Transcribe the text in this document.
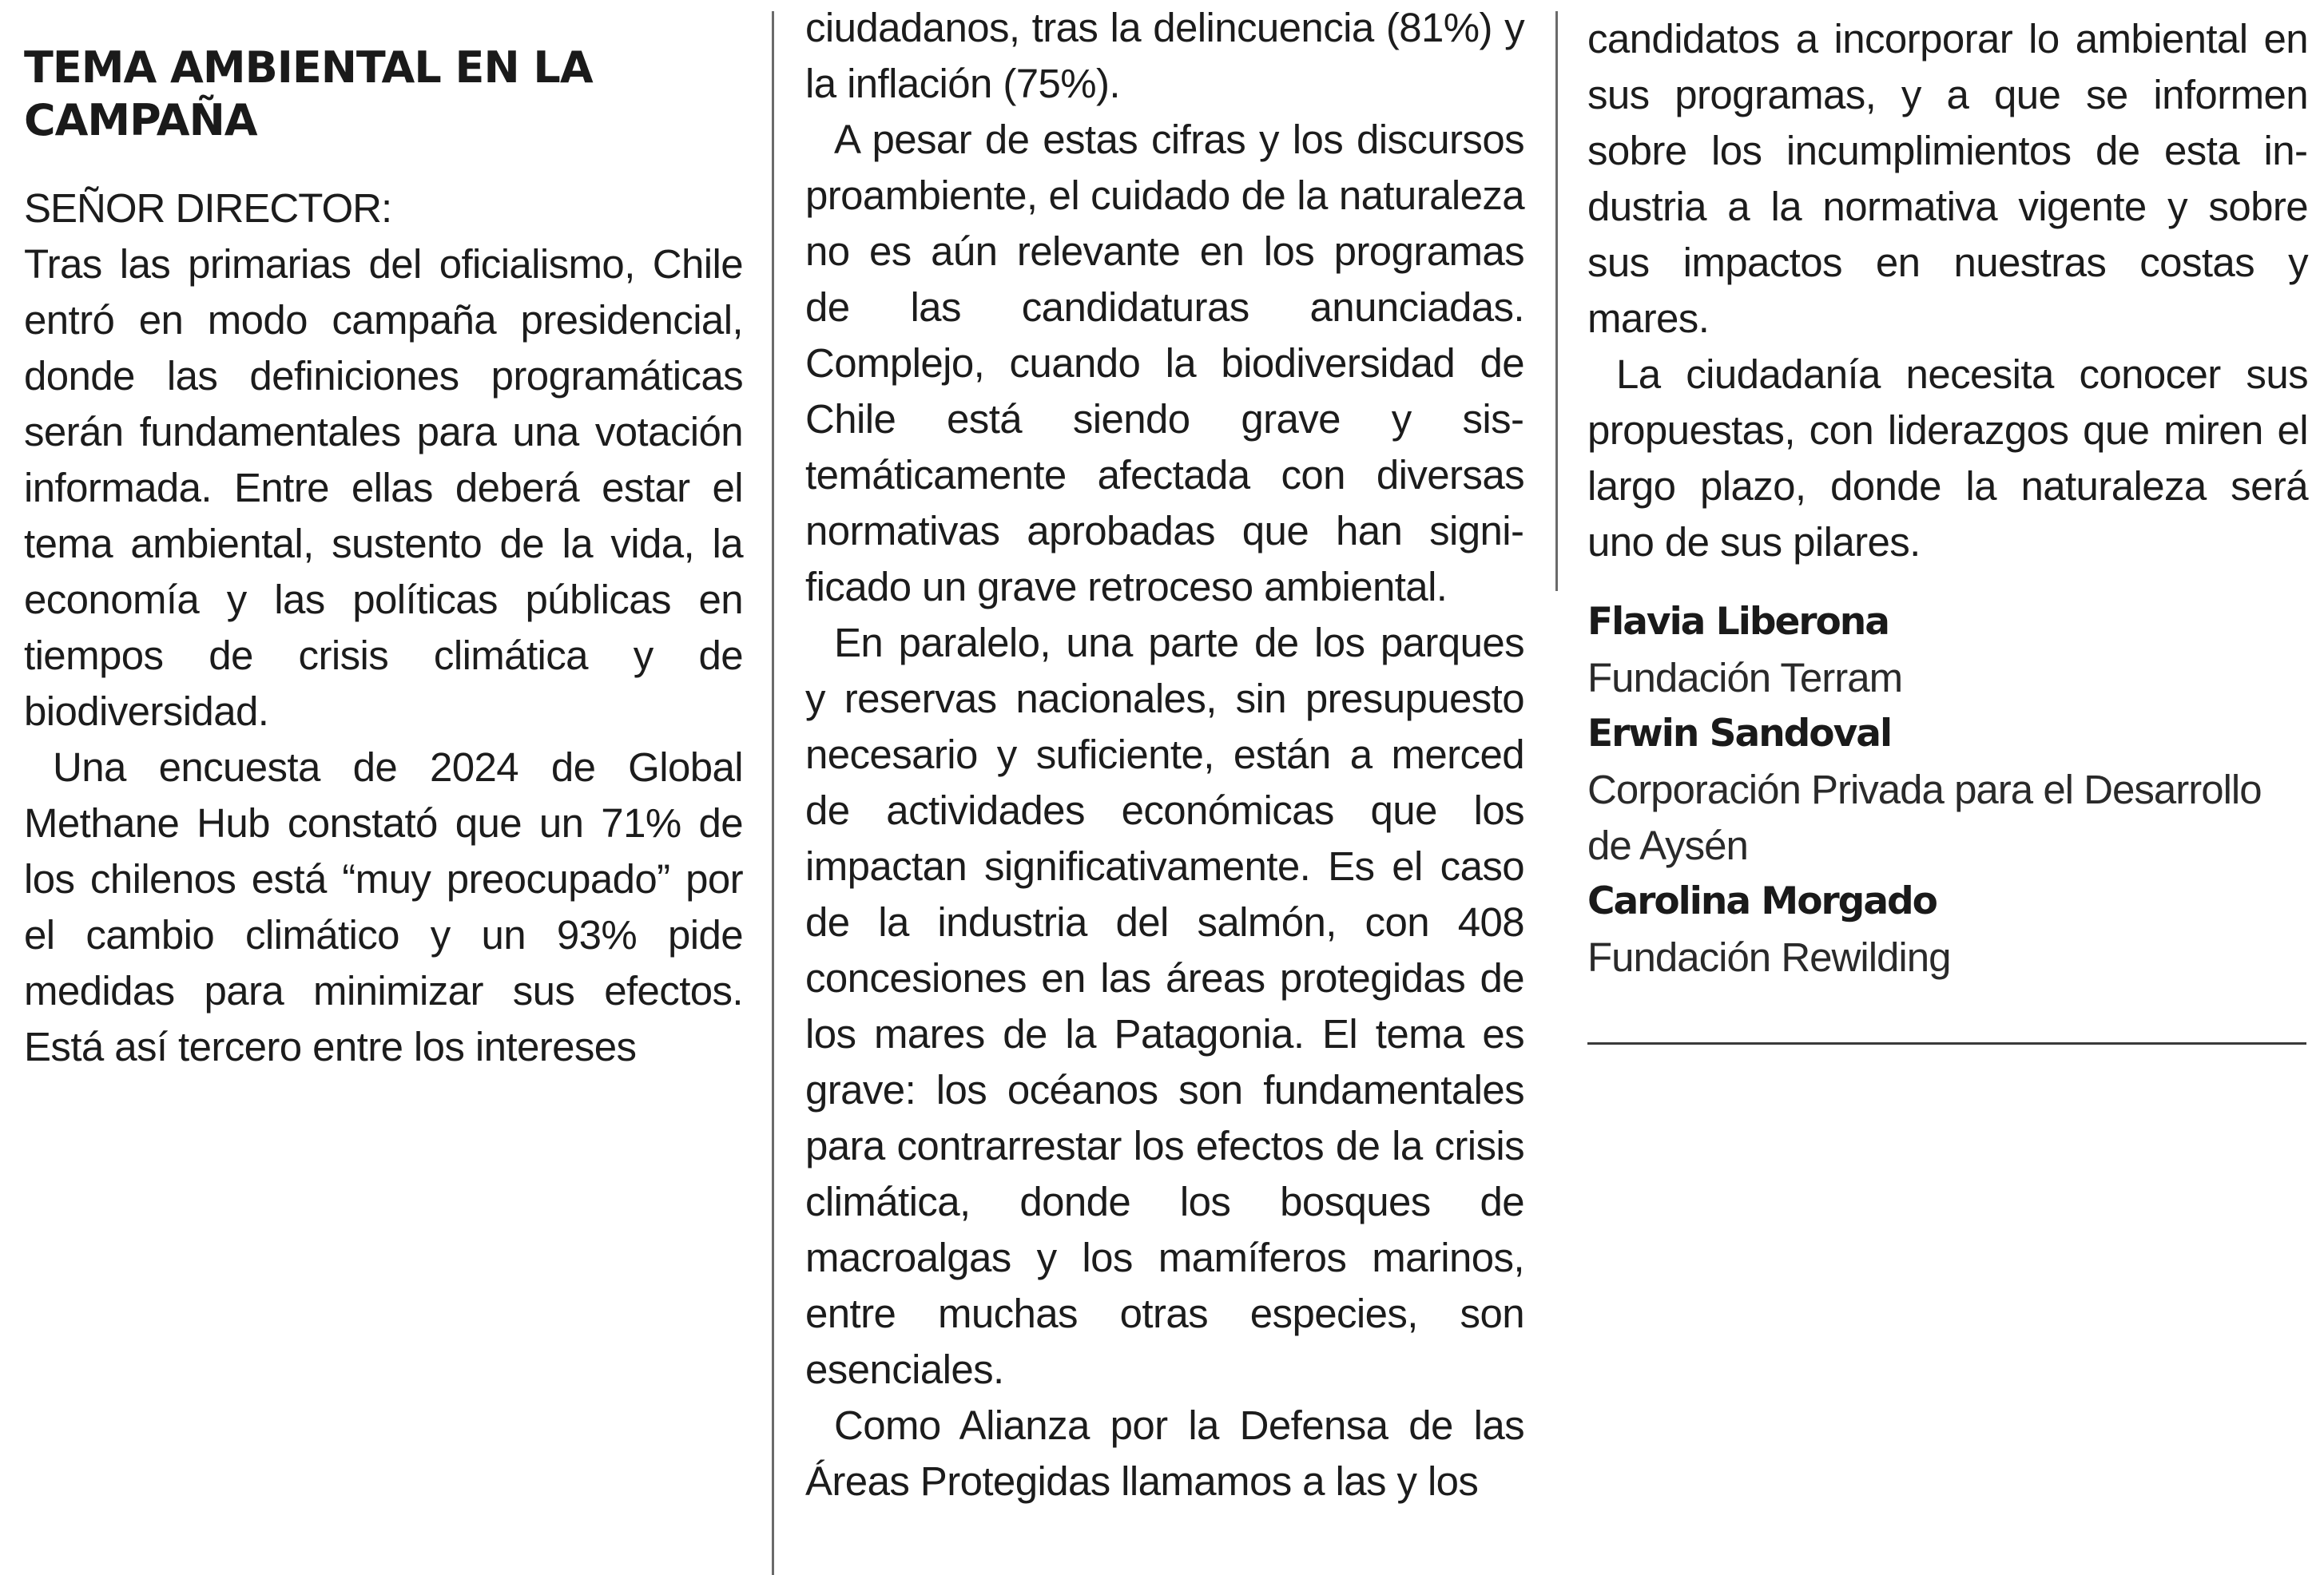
TEMA AMBIENTAL EN LA
CAMPAÑA

SEÑOR DIRECTOR:

Tras las primarias del oficialismo, Chile entró en modo campaña presidencial, donde las definiciones programáticas serán fundamentales para una votación informada. Entre ellas deberá estar el tema ambiental, sustento de la vida, la economía y las políticas públicas en tiempos de crisis climática y de biodiversidad.

Una encuesta de 2024 de Global Methane Hub constató que un 71% de los chilenos está “muy preocupado” por el cambio climático y un 93% pide medidas para minimizar sus efectos. Está así tercero entre los intereses

ciudadanos, tras la delincuencia (81%) y la inflación (75%).

A pesar de estas cifras y los discursos proambiente, el cuidado de la naturaleza no es aún relevante en los programas de las candidaturas anunciadas. Complejo, cuando la biodiversidad de Chile está siendo grave y sistemáticamente afectada con diversas normativas aprobadas que han significado un grave retroceso ambiental.

En paralelo, una parte de los parques y reservas nacionales, sin presupuesto necesario y suficiente, están a merced de actividades económicas que los impactan significativamente. Es el caso de la industria del salmón, con 408 concesiones en las áreas protegidas de los mares de la Patagonia. El tema es grave: los océanos son fundamentales para contrarrestar los efectos de la crisis climática, donde los bosques de macroalgas y los mamíferos marinos, entre muchas otras especies, son esenciales.

Como Alianza por la Defensa de las Áreas Protegidas llamamos a las y los

candidatos a incorporar lo ambiental en sus programas, y a que se informen sobre los incumplimientos de esta industria a la normativa vigente y sobre sus impactos en nuestras costas y mares.

La ciudadanía necesita conocer sus propuestas, con liderazgos que miren el largo plazo, donde la naturaleza será uno de sus pilares.

Flavia Liberona

Fundación Terram

Erwin Sandoval

Corporación Privada para el Desarrollo de Aysén

Carolina Morgado

Fundación Rewilding
